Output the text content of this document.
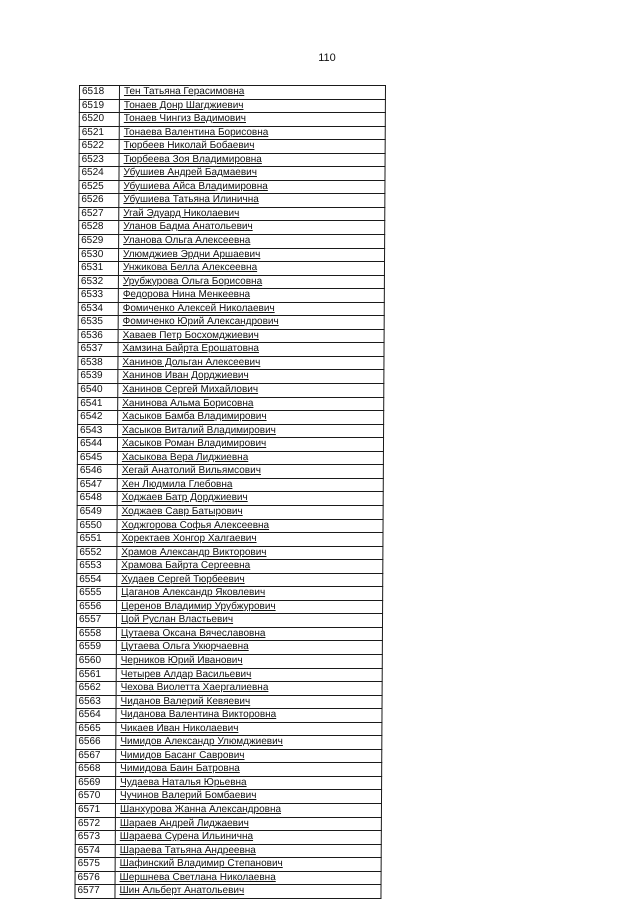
110
6518	Тен Татьяна Герасимовна
6519	Тонаев Донр Шагджиевич
6520	Тонаев Чингиз Вадимович
6521	Тонаева Валентина Борисовна
6522	Тюрбеев Николай Бобаевич
6523	Тюрбеева Зоя Владимировна
6524	Убушиев Андрей Бадмаевич
6525	Убушиева Айса Владимировна
6526	Убушиева Татьяна Илинична
6527	Угай Эдуард Николаевич
6528	Уланов Бадма Анатольевич
6529	Уланова Ольга Алексеевна
6530	Улюмджиев Эрдни Аршаевич
6531	Унжикова Белла Алексеевна
6532	Урубжурова Ольга Борисовна
6533	Федорова Нина Менкеевна
6534	Фомиченко Алексей Николаевич
6535	Фомиченко Юрий Александрович
6536	Хаваев Петр Босхомджиевич
6537	Хамзина Байрта Ерошатовна
6538	Ханинов Дольган Алексеевич
6539	Ханинов Иван Дорджиевич
6540	Ханинов Сергей Михайлович
6541	Ханинова Альма Борисовна
6542	Хасыков Бамба Владимирович
6543	Хасыков Виталий Владимирович
6544	Хасыков Роман Владимирович
6545	Хасыкова Вера Лиджиевна
6546	Хегай Анатолий Вильямсович
6547	Хен Людмила Глебовна
6548	Ходжаев Батр Дорджиевич
6549	Ходжаев Савр Батырович
6550	Ходжгорова Софья Алексеевна
6551	Хоректаев Хонгор Халгаевич
6552	Храмов Александр Викторович
6553	Храмова Байрта Сергеевна
6554	Худаев Сергей Тюрбеевич
6555	Цаганов Александр Яковлевич
6556	Церенов Владимир Урубжурович
6557	Цой Руслан Властьевич
6558	Цутаева Оксана Вячеславовна
6559	Цутаева Ольга Укюрчаевна
6560	Черников Юрий Иванович
6561	Четырев Алдар Васильевич
6562	Чехова Виолетта Хаергалиевна
6563	Чиданов Валерий Кевяевич
6564	Чиданова Валентина Викторовна
6565	Чикаев Иван Николаевич
6566	Чимидов Александр Улюмджиевич
6567	Чимидов Басанг Саврович
6568	Чимидова Баин Батровна
6569	Чудаева Наталья Юрьевна
6570	Чучинов Валерий Бомбаевич
6571	Шанхурова Жанна Александровна
6572	Шараев Андрей Лиджаевич
6573	Шараева Сурена Ильинична
6574	Шараева Татьяна Андреевна
6575	Шафинский Владимир Степанович
6576	Шершнева Светлана Николаевна
6577	Шин Альберт Анатольевич
